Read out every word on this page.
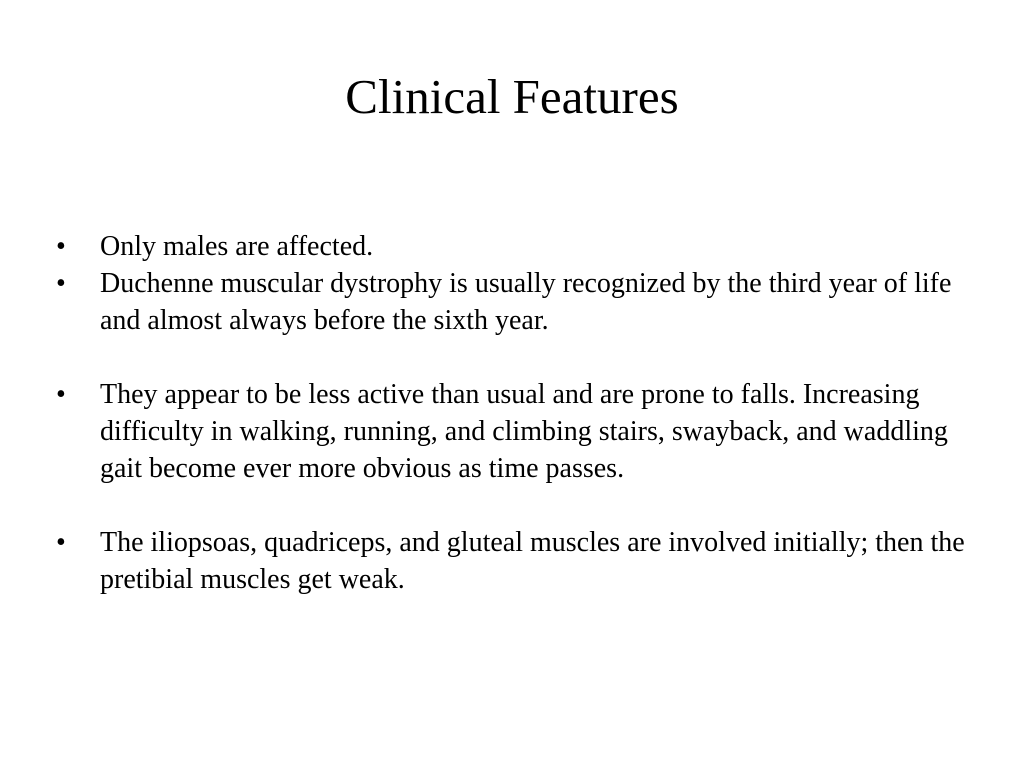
Clinical Features
•	Only males are affected.
•	Duchenne muscular dystrophy is usually recognized by the third year of life and almost always before the sixth year.
•	They appear to be less active than usual and are prone to falls. Increasing difficulty in walking, running, and climbing stairs, swayback, and waddling gait become ever more obvious as time passes.
•	The iliopsoas, quadriceps, and gluteal muscles are involved initially; then the pretibial muscles get weak.
